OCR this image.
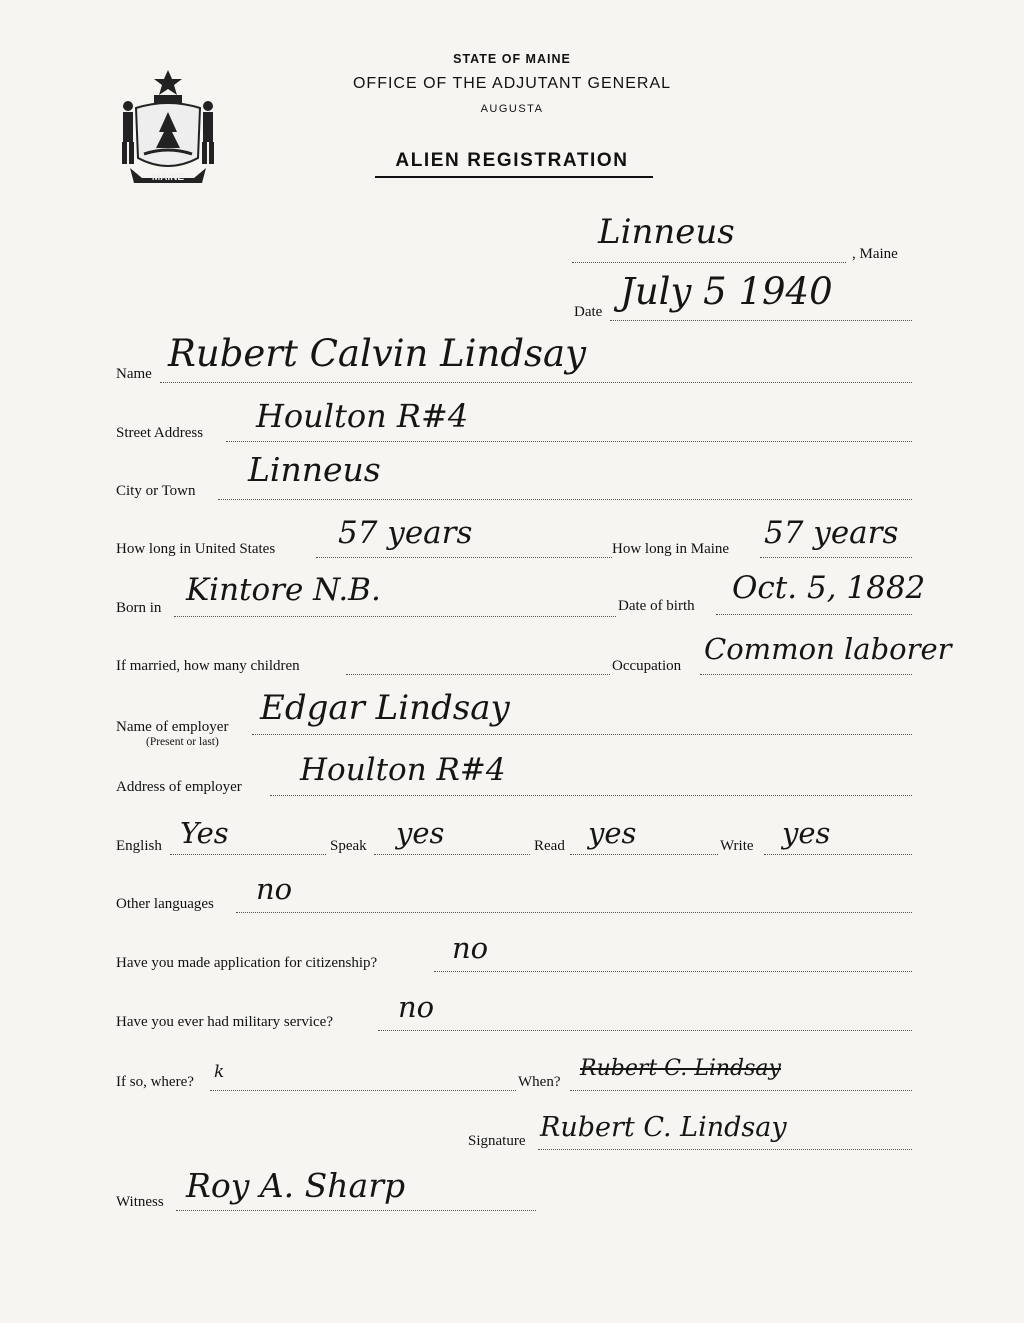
MAINE
STATE OF MAINE
OFFICE OF THE ADJUTANT GENERAL
AUGUSTA
ALIEN REGISTRATION
Linneus
, Maine
Date July 5 1940
Name Rubert Calvin Lindsay
Street Address Houlton R#4
City or Town
Linneus
How long in United States 57 years	How long in Maine 57 years
Born in Kintore N.B.	Date of birth Oct. 5, 1882
If married, how many children	Occupation Common laborer
Name of employer
(Present or last)
Edgar Lindsay
Address of employer Houlton R#4
English Yes	Speak yes	Read yes	Write yes
Other languages no
Have you made application for citizenship?	no
Have you ever had military service? no
If so, where? k	When?
Rubert C. Lindsay
Signature Rubert C. Lindsay
Witness Roy A. Sharp
